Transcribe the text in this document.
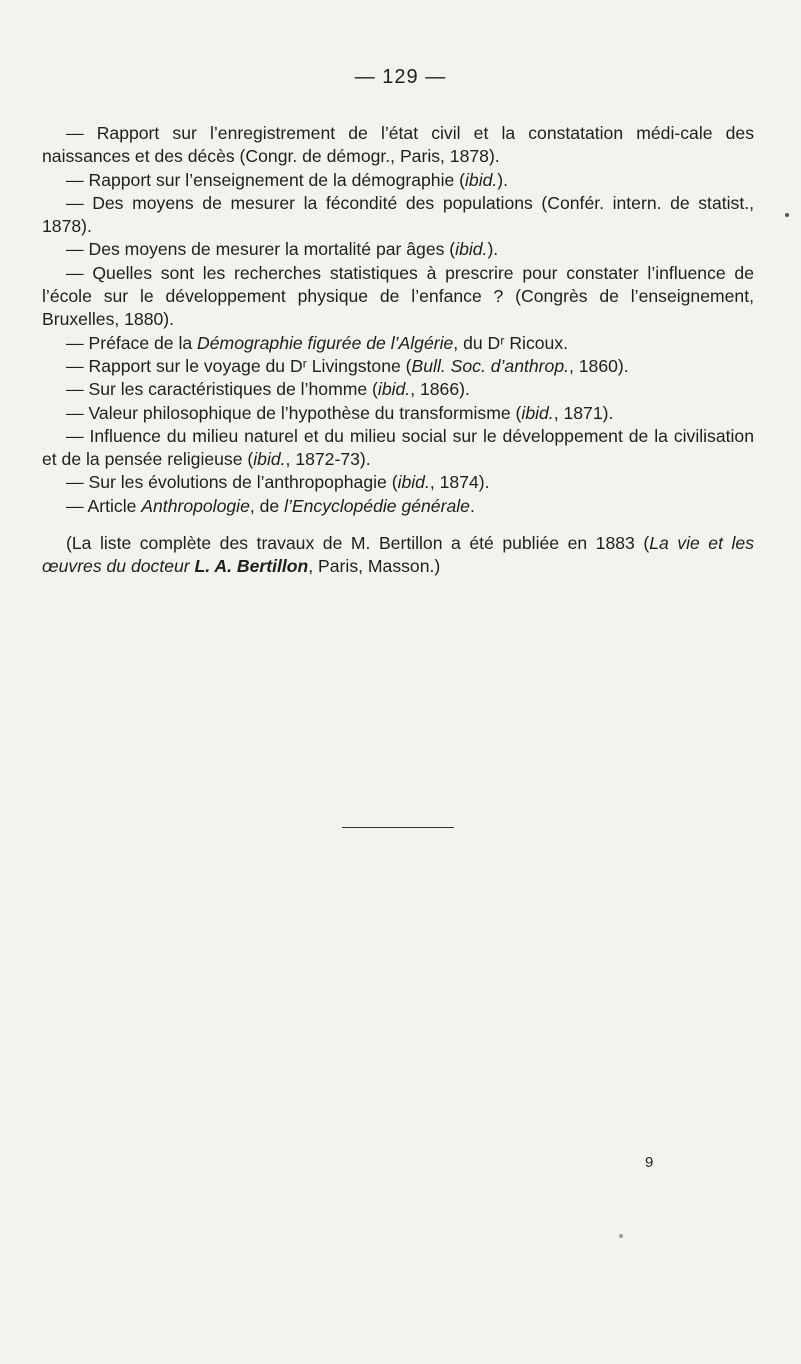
— 129 —

— Rapport sur l’enregistrement de l’état civil et la constatation médi-cale des naissances et des décès (Congr. de démogr., Paris, 1878).

— Rapport sur l’enseignement de la démographie (ibid.).

— Des moyens de mesurer la fécondité des populations (Confér. intern. de statist., 1878).

— Des moyens de mesurer la mortalité par âges (ibid.).

— Quelles sont les recherches statistiques à prescrire pour constater l’influence de l’école sur le développement physique de l’enfance ? (Congrès de l’enseignement, Bruxelles, 1880).

— Préface de la Démographie figurée de l’Algérie, du Dʳ Ricoux.

— Rapport sur le voyage du Dʳ Livingstone (Bull. Soc. d’anthrop., 1860).

— Sur les caractéristiques de l’homme (ibid., 1866).

— Valeur philosophique de l’hypothèse du transformisme (ibid., 1871).

— Influence du milieu naturel et du milieu social sur le développement de la civilisation et de la pensée religieuse (ibid., 1872-73).

— Sur les évolutions de l’anthropophagie (ibid., 1874).

— Article Anthropologie, de l’Encyclopédie générale.

(La liste complète des travaux de M. Bertillon a été publiée en 1883 (La vie et les œuvres du docteur L. A. Bertillon, Paris, Masson.)

9
